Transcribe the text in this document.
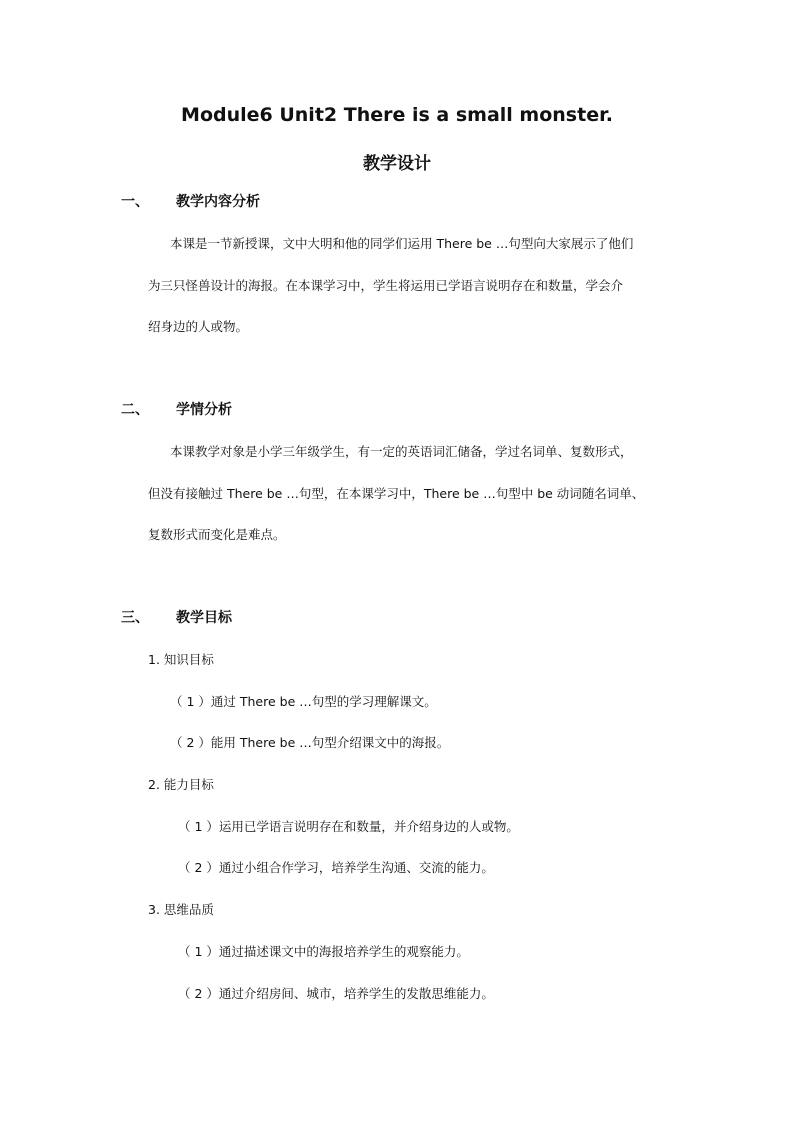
Module6 Unit2 There is a small monster.
教学设计
一、 教学内容分析
本课是一节新授课，文中大明和他的同学们运用 There be …句型向大家展示了他们
为三只怪兽设计的海报。在本课学习中，学生将运用已学语言说明存在和数量，学会介
绍身边的人或物。
二、 学情分析
本课教学对象是小学三年级学生，有一定的英语词汇储备，学过名词单、复数形式，
但没有接触过 There be …句型，在本课学习中，There be …句型中 be 动词随名词单、
复数形式而变化是难点。
三、 教学目标
1. 知识目标
（ 1 ）通过 There be …句型的学习理解课文。
（ 2 ）能用 There be …句型介绍课文中的海报。
2. 能力目标
（ 1 ）运用已学语言说明存在和数量，并介绍身边的人或物。
（ 2 ）通过小组合作学习，培养学生沟通、交流的能力。
3. 思维品质
（ 1 ）通过描述课文中的海报培养学生的观察能力。
（ 2 ）通过介绍房间、城市，培养学生的发散思维能力。
